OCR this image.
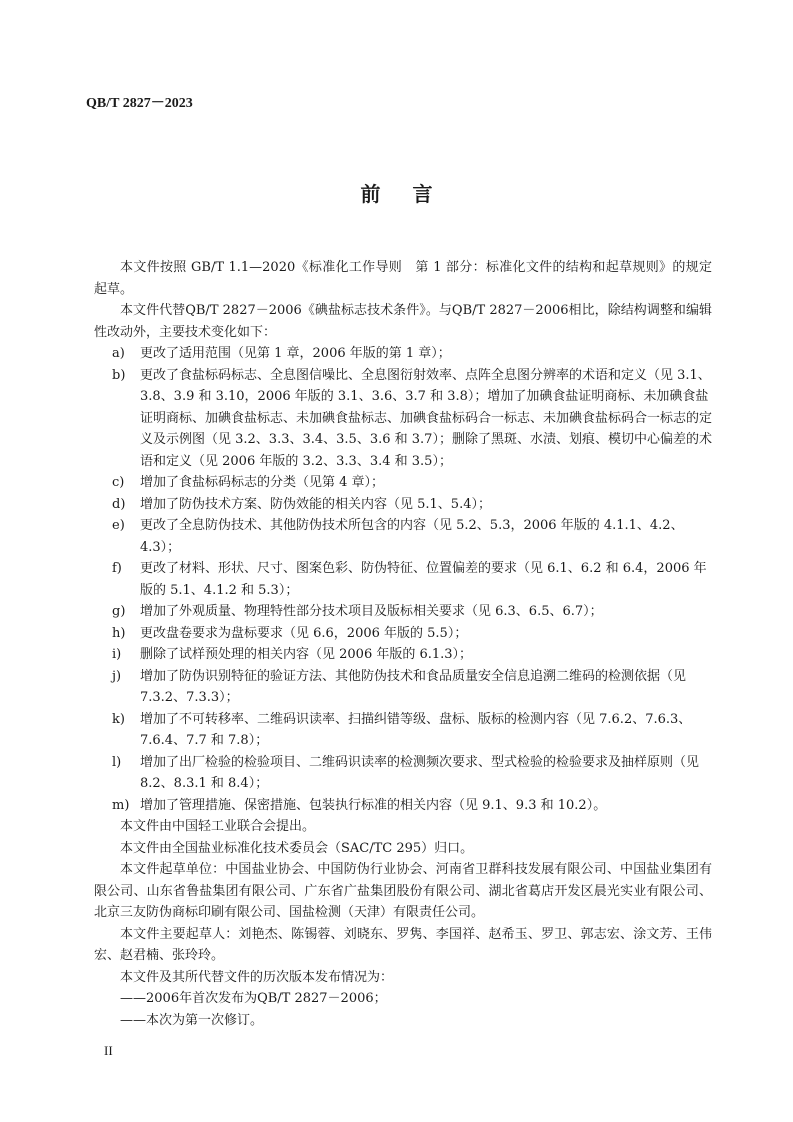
QB/T 2827－2023
前言

本文件按照 GB/T 1.1—2020《标准化工作导则　第 1 部分：标准化文件的结构和起草规则》的规定起草。

本文件代替QB/T 2827－2006《碘盐标志技术条件》。与QB/T 2827－2006相比，除结构调整和编辑性改动外，主要技术变化如下：

a)	更改了适用范围（见第 1 章，2006 年版的第 1 章）；
b)	更改了食盐标码标志、全息图信噪比、全息图衍射效率、点阵全息图分辨率的术语和定义（见 3.1、3.8、3.9 和 3.10，2006 年版的 3.1、3.6、3.7 和 3.8）；增加了加碘食盐证明商标、未加碘食盐证明商标、加碘食盐标志、未加碘食盐标志、加碘食盐标码合一标志、未加碘食盐标码合一标志的定义及示例图（见 3.2、3.3、3.4、3.5、3.6 和 3.7）；删除了黑斑、水渍、划痕、模切中心偏差的术语和定义（见 2006 年版的 3.2、3.3、3.4 和 3.5）；
c)	增加了食盐标码标志的分类（见第 4 章）；
d)	增加了防伪技术方案、防伪效能的相关内容（见 5.1、5.4）；
e)	更改了全息防伪技术、其他防伪技术所包含的内容（见 5.2、5.3，2006 年版的 4.1.1、4.2、4.3）；
f)	更改了材料、形状、尺寸、图案色彩、防伪特征、位置偏差的要求（见 6.1、6.2 和 6.4，2006 年版的 5.1、4.1.2 和 5.3）；
g)	增加了外观质量、物理特性部分技术项目及版标相关要求（见 6.3、6.5、6.7）；
h)	更改盘卷要求为盘标要求（见 6.6，2006 年版的 5.5）；
i)	删除了试样预处理的相关内容（见 2006 年版的 6.1.3）；
j)	增加了防伪识别特征的验证方法、其他防伪技术和食品质量安全信息追溯二维码的检测依据（见 7.3.2、7.3.3）；
k)	增加了不可转移率、二维码识读率、扫描纠错等级、盘标、版标的检测内容（见 7.6.2、7.6.3、7.6.4、7.7 和 7.8）；
l)	增加了出厂检验的检验项目、二维码识读率的检测频次要求、型式检验的检验要求及抽样原则（见 8.2、8.3.1 和 8.4）；
m) 增加了管理措施、保密措施、包装执行标准的相关内容（见 9.1、9.3 和 10.2）。

本文件由中国轻工业联合会提出。

本文件由全国盐业标准化技术委员会（SAC/TC 295）归口。

本文件起草单位：中国盐业协会、中国防伪行业协会、河南省卫群科技发展有限公司、中国盐业集团有限公司、山东省鲁盐集团有限公司、广东省广盐集团股份有限公司、湖北省葛店开发区晨光实业有限公司、北京三友防伪商标印刷有限公司、国盐检测（天津）有限责任公司。

本文件主要起草人：刘艳杰、陈锡蓉、刘晓东、罗隽、李国祥、赵希玉、罗卫、郭志宏、涂文芳、王伟宏、赵君楠、张玲玲。

本文件及其所代替文件的历次版本发布情况为：

——2006年首次发布为QB/T 2827－2006；

——本次为第一次修订。

II
